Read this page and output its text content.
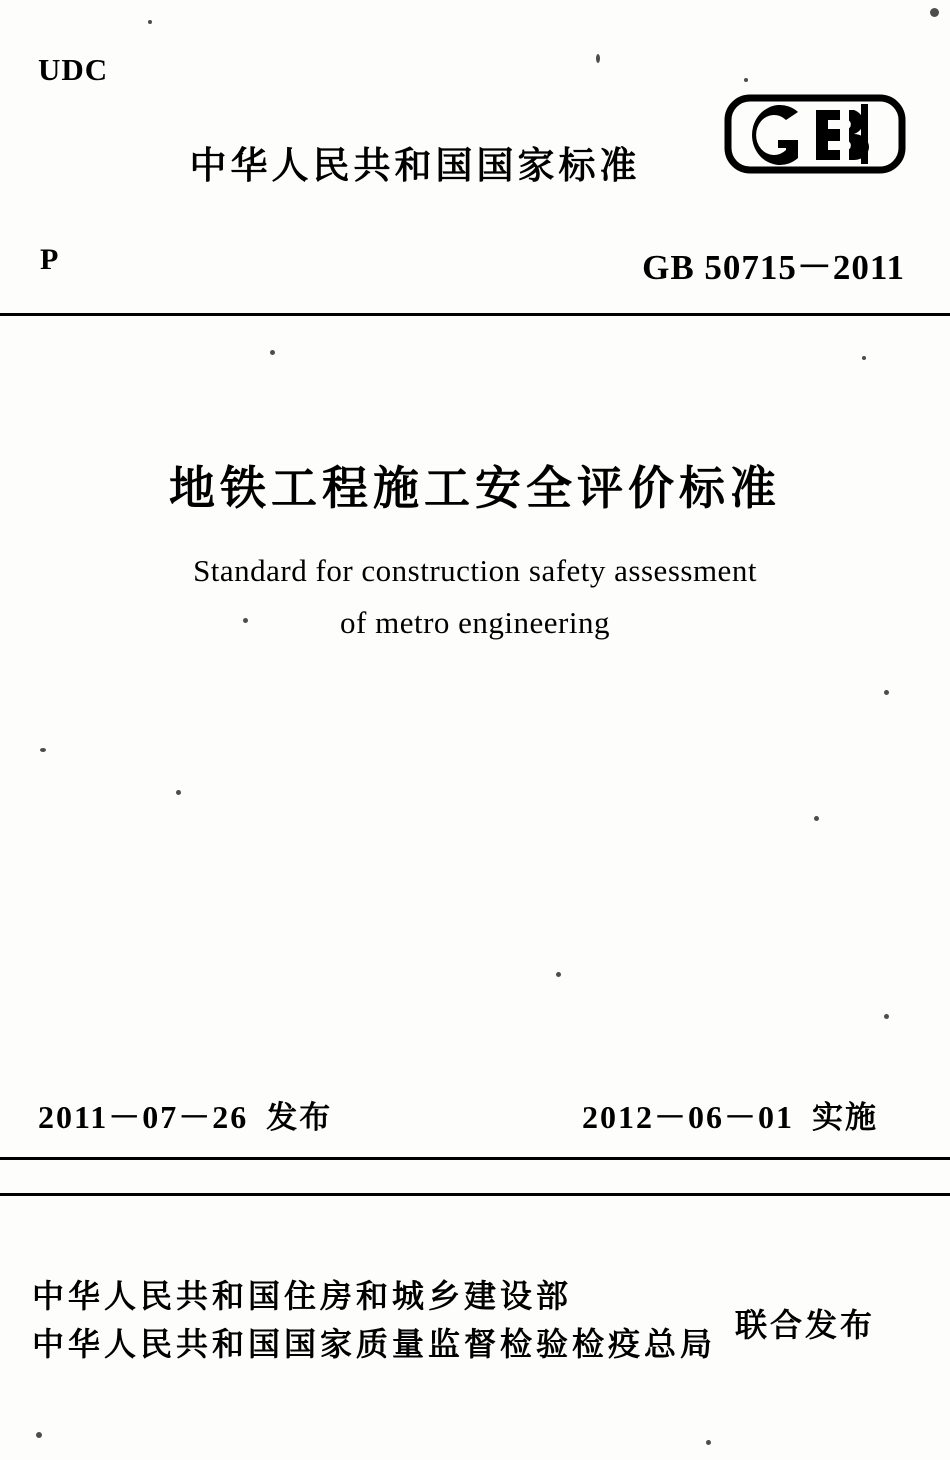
UDC
中华人民共和国国家标准
P	GB 50715－2011
地铁工程施工安全评价标准
Standard for construction safety assessment
of metro engineering
2011－07－26 发布	2012－06－01 实施
中华人民共和国住房和城乡建设部
中华人民共和国国家质量监督检验检疫总局 联合发布
